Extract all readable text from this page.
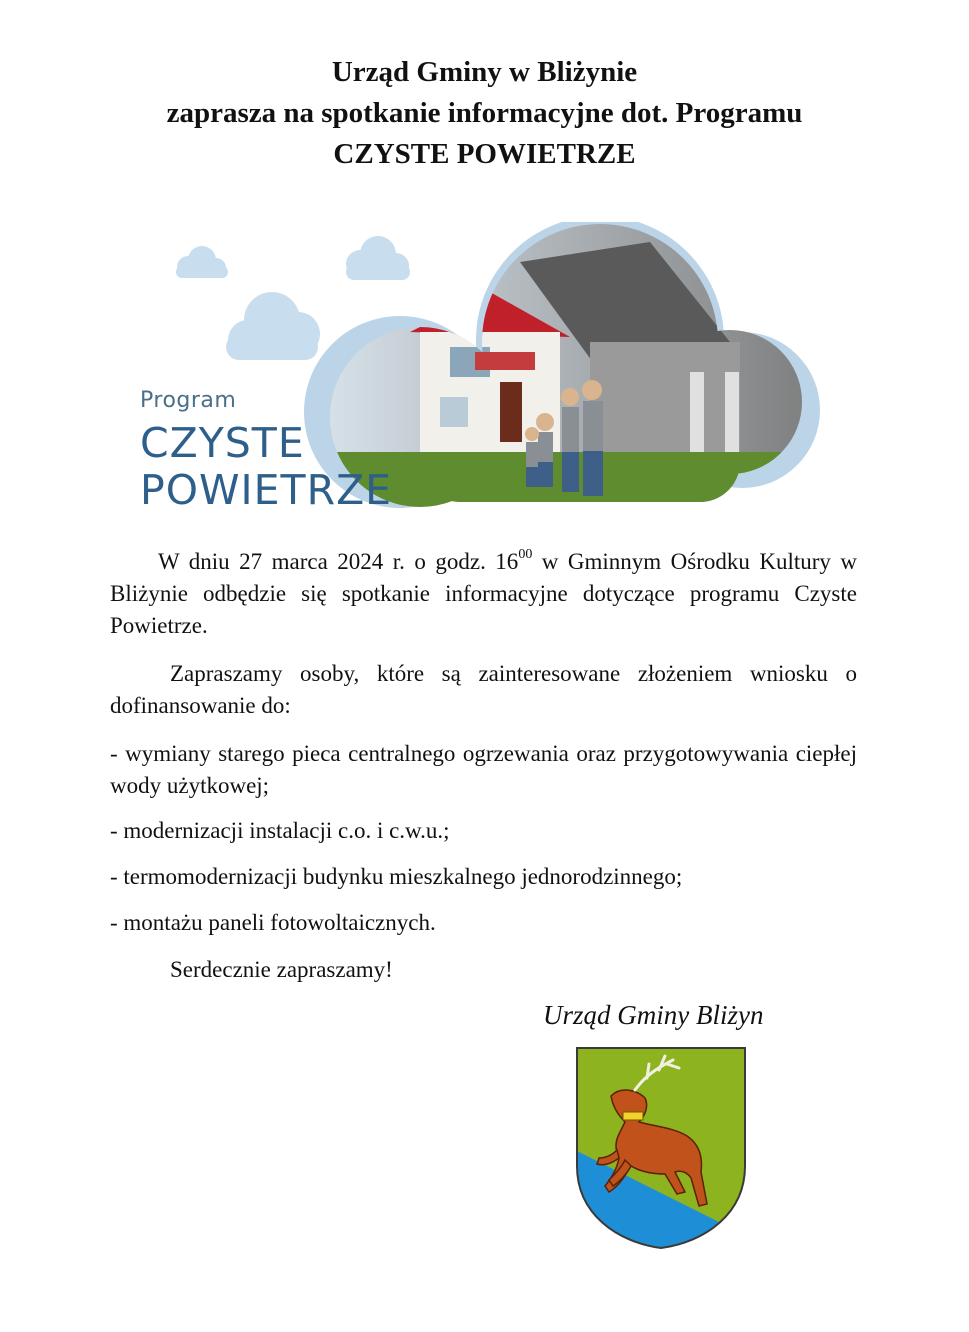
Urząd Gminy w Bliżynie
zaprasza na spotkanie informacyjne dot. Programu
CZYSTE POWIETRZE
Program
CZYSTE
POWIETRZE
W dniu 27 marca 2024 r. o godz. $16^{00}$ w Gminnym Ośrodku Kultury w Bliżynie odbędzie się spotkanie informacyjne dotyczące programu Czyste Powietrze.
Zapraszamy osoby, które są zainteresowane złożeniem wniosku o dofinansowanie do:
- wymiany starego pieca centralnego ogrzewania oraz przygotowywania ciepłej wody użytkowej;
- modernizacji instalacji c.o. i c.w.u.;
- termomodernizacji budynku mieszkalnego jednorodzinnego;
- montażu paneli fotowoltaicznych.
Serdecznie zapraszamy!
Urząd Gminy Bliżyn
